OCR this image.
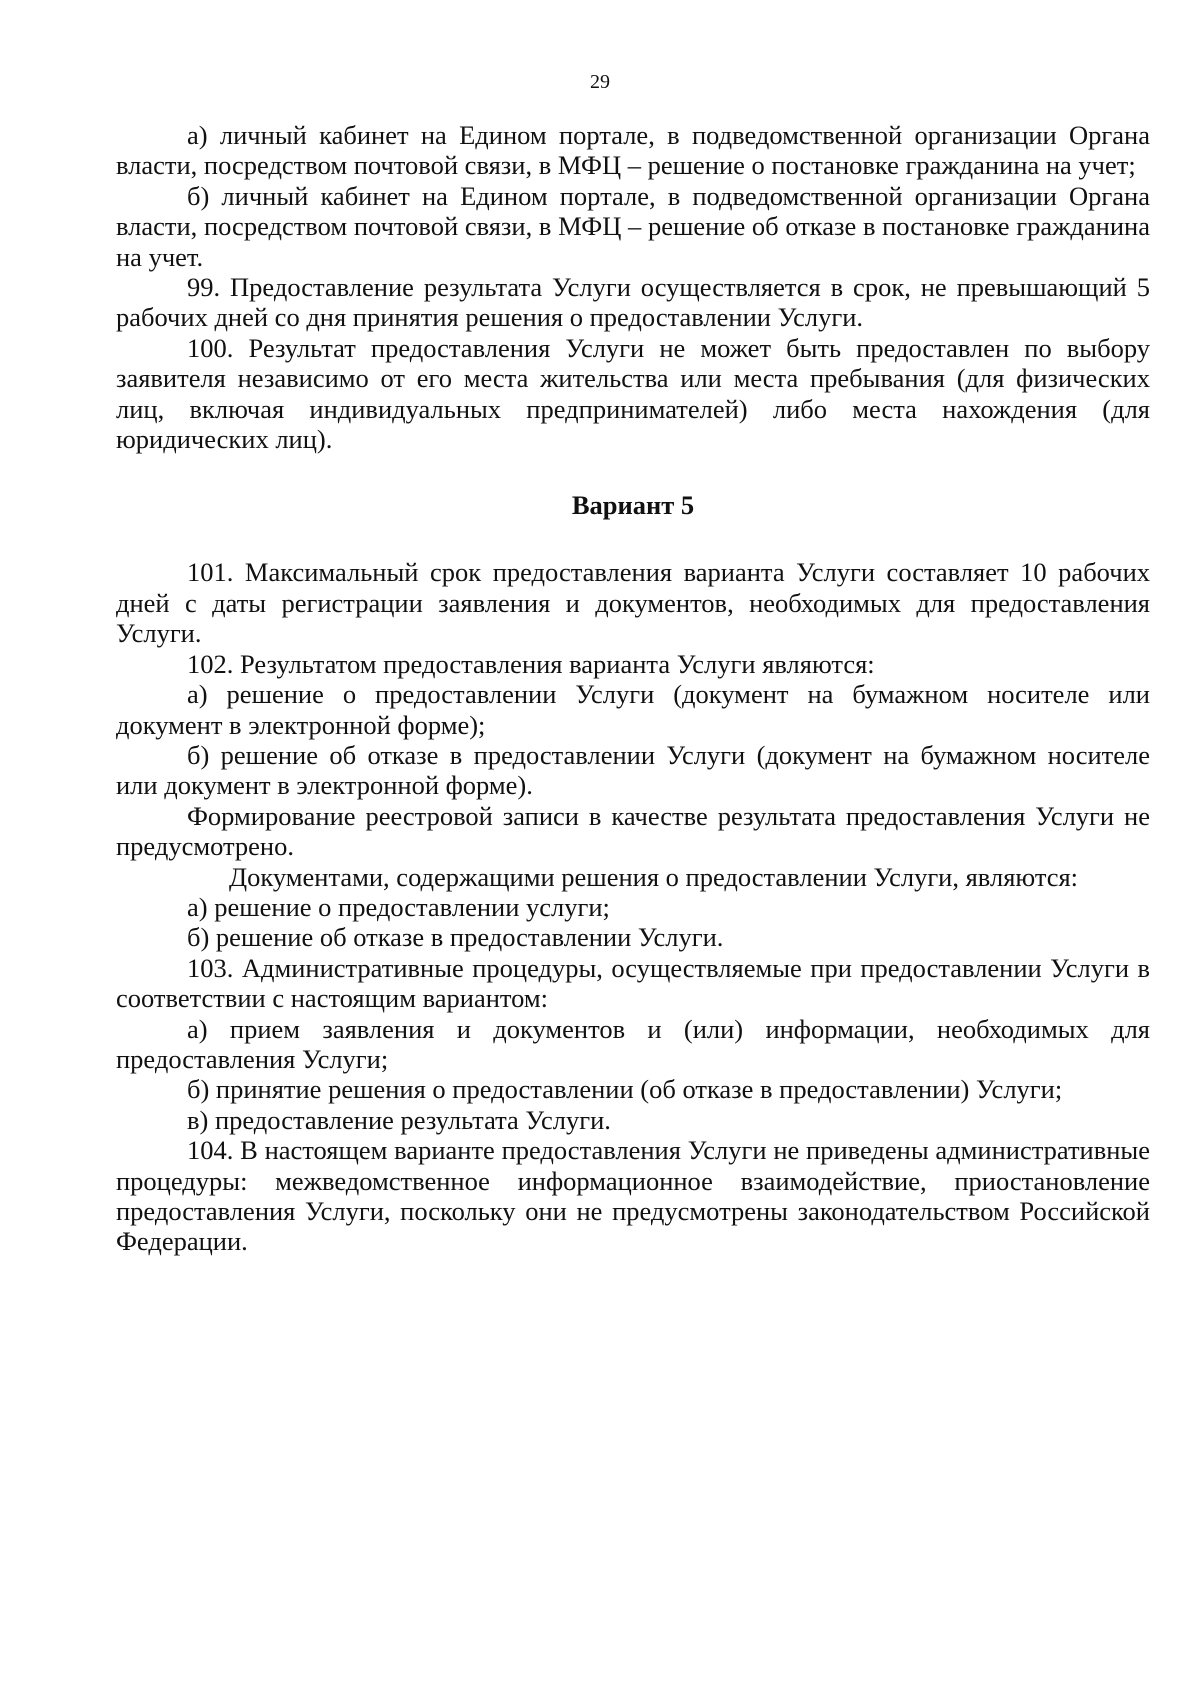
29

а) личный кабинет на Едином портале, в подведомственной организации Органа власти, посредством почтовой связи, в МФЦ – решение о постановке гражданина на учет;

б) личный кабинет на Едином портале, в подведомственной организации Органа власти, посредством почтовой связи, в МФЦ – решение об отказе в постановке гражданина на учет.

99. Предоставление результата Услуги осуществляется в срок, не превышающий 5 рабочих дней со дня принятия решения о предоставлении Услуги.

100. Результат предоставления Услуги не может быть предоставлен по выбору заявителя независимо от его места жительства или места пребывания (для физических лиц, включая индивидуальных предпринимателей) либо места нахождения (для юридических лиц).

Вариант 5

101. Максимальный срок предоставления варианта Услуги составляет 10 рабочих дней с даты регистрации заявления и документов, необходимых для предоставления Услуги.

102. Результатом предоставления варианта Услуги являются:

а) решение о предоставлении Услуги (документ на бумажном носителе или документ в электронной форме);

б) решение об отказе в предоставлении Услуги (документ на бумажном носителе или документ в электронной форме).

Формирование реестровой записи в качестве результата предоставления Услуги не предусмотрено.

Документами, содержащими решения о предоставлении Услуги, являются:

а) решение о предоставлении услуги;

б) решение об отказе в предоставлении Услуги.

103. Административные процедуры, осуществляемые при предоставлении Услуги в соответствии с настоящим вариантом:

а) прием заявления и документов и (или) информации, необходимых для предоставления Услуги;

б) принятие решения о предоставлении (об отказе в предоставлении) Услуги;

в) предоставление результата Услуги.

104. В настоящем варианте предоставления Услуги не приведены административные процедуры: межведомственное информационное взаимодействие, приостановление предоставления Услуги, поскольку они не предусмотрены законодательством Российской Федерации.
